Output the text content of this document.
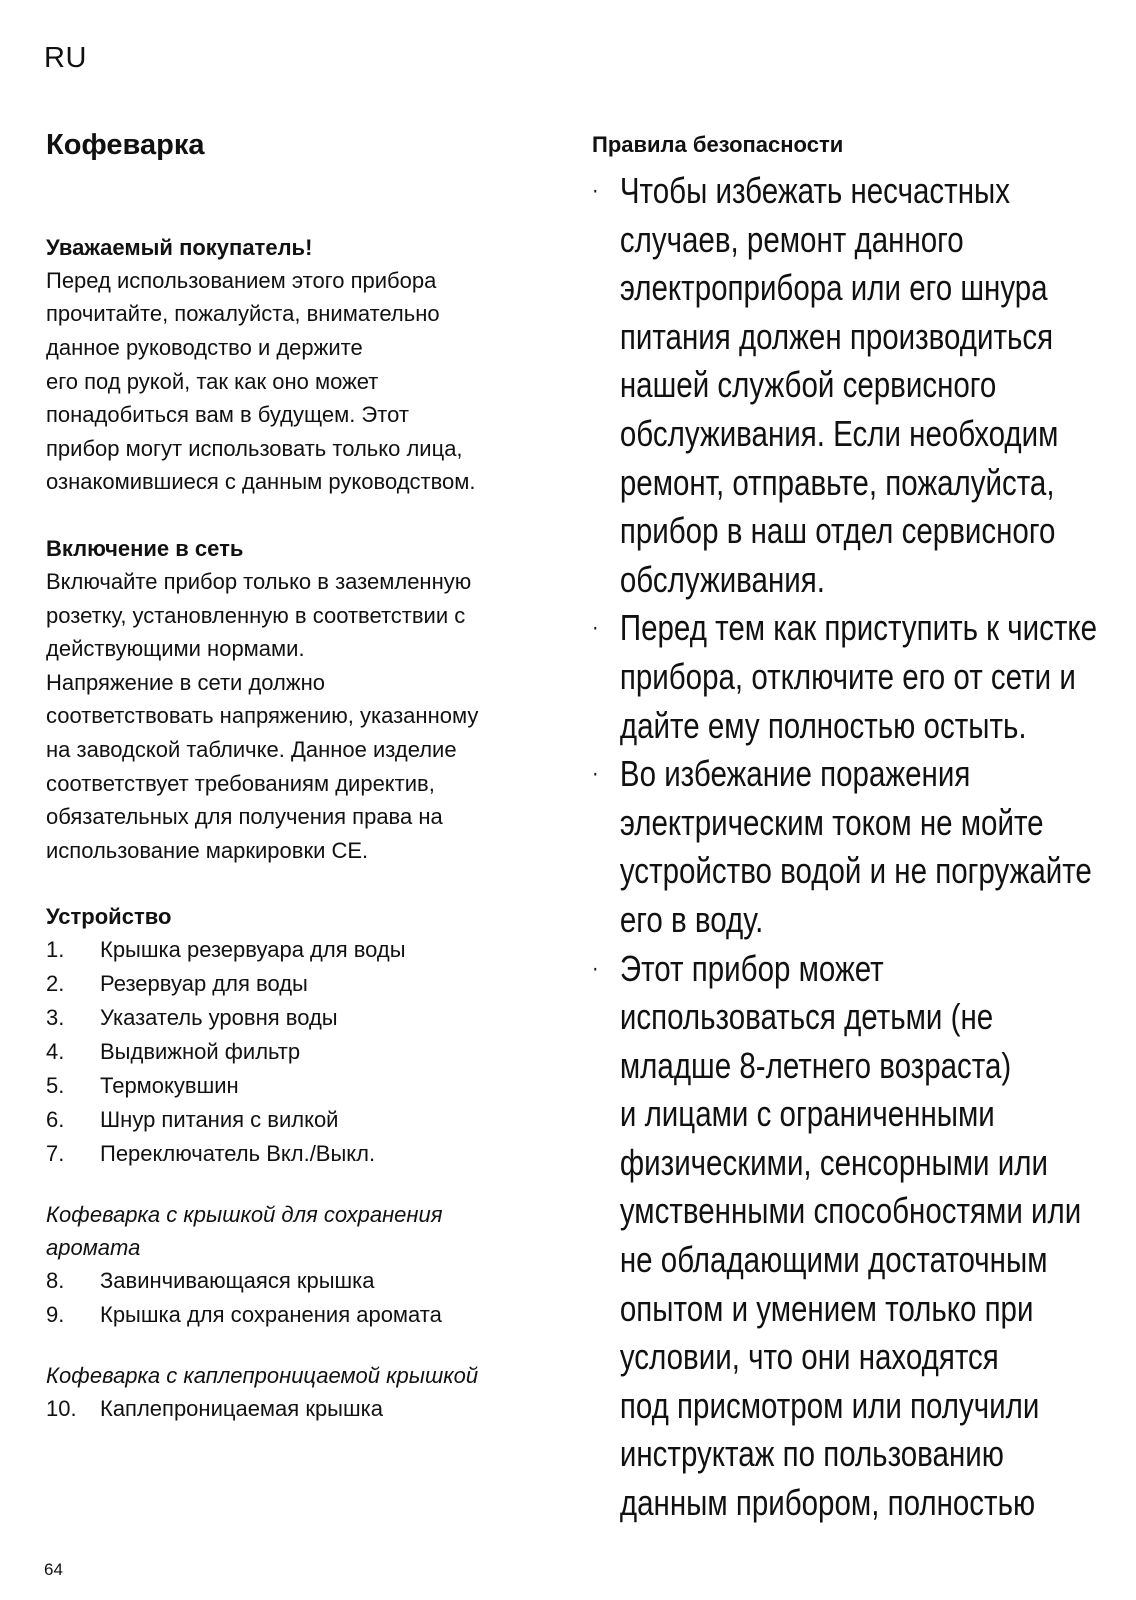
RU
Кофеварка
Уважаемый покупатель!

Перед использованием этого прибора
прочитайте, пожалуйста, внимательно
данное руководство и держите
его под рукой, так как оно может
понадобиться вам в будущем. Этот
прибор могут использовать только лица,
ознакомившиеся с данным руководством.

Включение в сеть

Включайте прибор только в заземленную
розетку, установленную в соответствии с
действующими нормами.
Напряжение в сети должно
соответствовать напряжению, указанному
на заводской табличке. Данное изделие
соответствует требованиям директив,
обязательных для получения права на
использование маркировки CE.

Устройство
1.	Крышка резервуара для воды
2.	Резервуар для воды
3.	Указатель уровня воды
4.	Выдвижной фильтр
5.	Термокувшин
6.	Шнур питания с вилкой
7.	Переключатель Вкл./Выкл.

Кофеварка с крышкой для сохранения
аромата

8.	Завинчивающаяся крышка
9.	Крышка для сохранения аромата

Кофеварка с каплепроницаемой крышкой

10.	Каплепроницаемая крышка
Правила безопасности
· Чтобы избежать несчастных
случаев, ремонт данного
электроприбора или его шнура
питания должен производиться
нашей службой сервисного
обслуживания. Если необходим
ремонт, отправьте, пожалуйста,
прибор в наш отдел сервисного
обслуживания.
· Перед тем как приступить к чистке
прибора, отключите его от сети и
дайте ему полностью остыть.
· Во избежание поражения
электрическим током не мойте
устройство водой и не погружайте
его в воду.
· Этот прибор может
использоваться детьми (не
младше 8-летнего возраста)
и лицами с ограниченными
физическими, сенсорными или
умственными способностями или
не обладающими достаточным
опытом и умением только при
условии, что они находятся
под присмотром или получили
инструктаж по пользованию
данным прибором, полностью
64
